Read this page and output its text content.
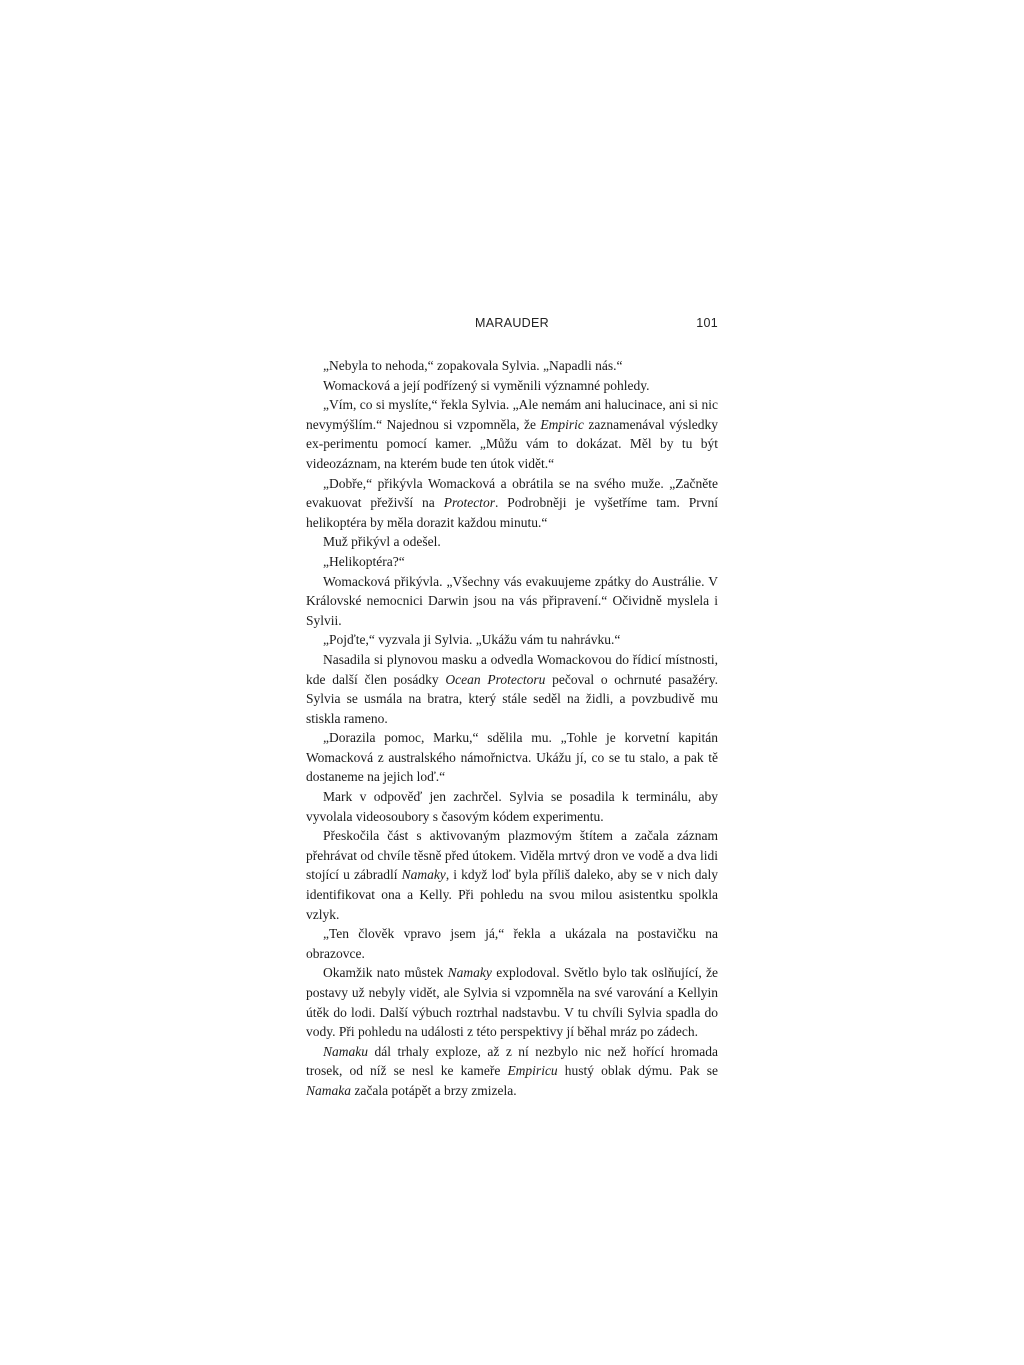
MARAUDER	101

„Nebyla to nehoda,“ zopakovala Sylvia. „Napadli nás.“

Womacková a její podřízený si vyměnili významné pohledy.

„Vím, co si myslíte,“ řekla Sylvia. „Ale nemám ani halucinace, ani si nic nevymýšlím.“ Najednou si vzpomněla, že Empiric zaznamenával výsledky ex-perimentu pomocí kamer. „Můžu vám to dokázat. Měl by tu být videozáznam, na kterém bude ten útok vidět.“

„Dobře,“ přikývla Womacková a obrátila se na svého muže. „Začněte evakuovat přeživší na Protector. Podrobněji je vyšetříme tam. První helikoptéra by měla dorazit každou minutu.“

Muž přikývl a odešel.

„Helikoptéra?“

Womacková přikývla. „Všechny vás evakuujeme zpátky do Austrálie. V Královské nemocnici Darwin jsou na vás připravení.“ Očividně myslela i Sylvii.

„Pojďte,“ vyzvala ji Sylvia. „Ukážu vám tu nahrávku.“

Nasadila si plynovou masku a odvedla Womackovou do řídicí místnosti, kde další člen posádky Ocean Protectoru pečoval o ochrnuté pasažéry. Sylvia se usmála na bratra, který stále seděl na židli, a povzbudivě mu stiskla rameno.

„Dorazila pomoc, Marku,“ sdělila mu. „Tohle je korvetní kapitán Womacková z australského námořnictva. Ukážu jí, co se tu stalo, a pak tě dostaneme na jejich loď.“

Mark v odpověď jen zachrčel. Sylvia se posadila k terminálu, aby vyvolala videosoubory s časovým kódem experimentu.

Přeskočila část s aktivovaným plazmovým štítem a začala záznam přehrávat od chvíle těsně před útokem. Viděla mrtvý dron ve vodě a dva lidi stojící u zábradlí Namaky, i když loď byla příliš daleko, aby se v nich daly identifikovat ona a Kelly. Při pohledu na svou milou asistentku spolkla vzlyk.

„Ten člověk vpravo jsem já,“ řekla a ukázala na postavičku na obrazovce.

Okamžik nato můstek Namaky explodoval. Světlo bylo tak oslňující, že postavy už nebyly vidět, ale Sylvia si vzpomněla na své varování a Kellyin útěk do lodi. Další výbuch roztrhal nadstavbu. V tu chvíli Sylvia spadla do vody. Při pohledu na události z této perspektivy jí běhal mráz po zádech.

Namaku dál trhaly exploze, až z ní nezbylo nic než hořící hromada trosek, od níž se nesl ke kameře Empiricu hustý oblak dýmu. Pak se Namaka začala potápět a brzy zmizela.
